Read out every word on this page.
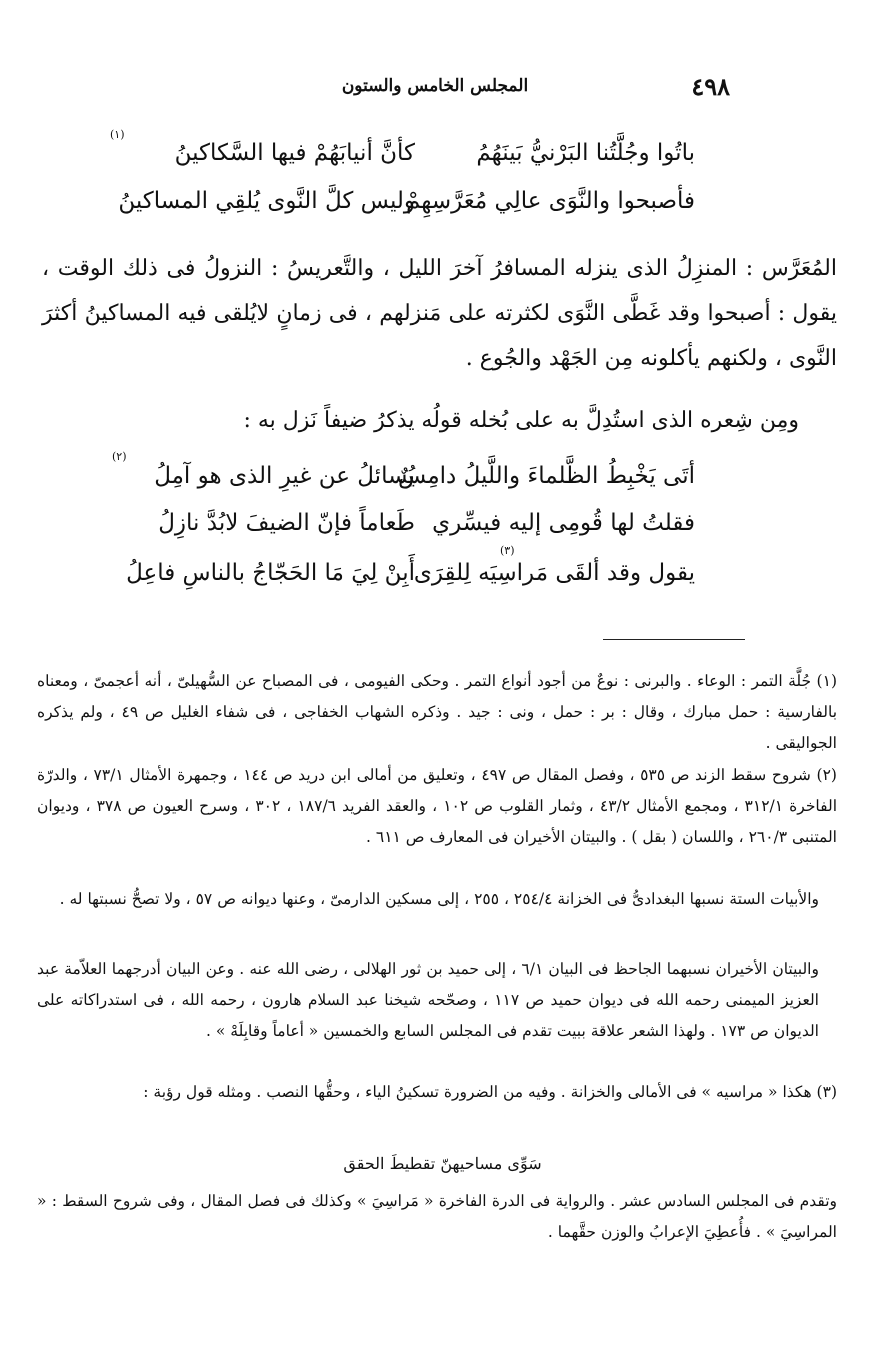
٤٩٨
المجلس الخامس والستون
باتُوا وجُلَّتُنا البَرْنيُّ بَينَهُمُ
كأنَّ أنيابَهُمْ فيها السَّكاكينُ
(١)
فأصبحوا والنَّوَى عالِي مُعَرَّسِهِمْ
وليس كلَّ النَّوى يُلقِي المساكينُ
المُعَرَّس : المنزِلُ الذى ينزله المسافرُ آخرَ الليل ، والتَّعريسُ : النزولُ فى ذلك الوقت ، يقول : أصبحوا وقد غَطَّى النَّوَى لكثرته على مَنزلهم ، فى زمانٍ لايُلقى فيه المساكينُ أكثرَ النَّوى ، ولكنهم يأكلونه مِن الجَهْد والجُوع .
ومِن شِعره الذى استُدِلَّ به على بُخله قولُه يذكرُ ضيفاً نَزل به :
أتَى يَخْبِطُ الظَّلماءَ واللَّيلُ دامِسٌ
يُسائلُ عن غيرِ الذى هو آمِلُ
(٢)
فقلتُ لها قُومِى إليه فيسِّري
طَعاماً فإنّ الضيفَ لابُدَّ نازِلُ
يقول وقد ألقَى مَراسِيَه لِلقِرَى
أَبِنْ لِيَ مَا الحَجّاجُ بالناسِ فاعِلُ
(٣)
(١) جُلَّة التمر : الوعاء . والبرنى : نوعٌ من أجود أنواع التمر . وحكى الفيومى ، فى المصباح عن السُّهيلىّ ، أنه أعجمىّ ، ومعناه بالفارسية : حمل مبارك ، وقال : بر : حمل ، ونى : جيد . وذكره الشهاب الخفاجى ، فى شفاء الغليل ص ٤٩ ، ولم يذكره الجواليقى .
(٢) شروح سقط الزند ص ٥٣٥ ، وفصل المقال ص ٤٩٧ ، وتعليق من أمالى ابن دريد ص ١٤٤ ، وجمهرة الأمثال ٧٣/١ ، والدرّة الفاخرة ٣١٢/١ ، ومجمع الأمثال ٤٣/٢ ، وثمار القلوب ص ١٠٢ ، والعقد الفريد ١٨٧/٦ ، ٣٠٢ ، وسرح العيون ص ٣٧٨ ، وديوان المتنبى ٢٦٠/٣ ، واللسان ( بقل ) . والبيتان الأخيران فى المعارف ص ٦١١ .
والأبيات الستة نسبها البغدادىُّ فى الخزانة ٢٥٤/٤ ، ٢٥٥ ، إلى مسكين الدارمىّ ، وعنها ديوانه ص ٥٧ ، ولا تصحُّ نسبتها له .
والبيتان الأخيران نسبهما الجاحظ فى البيان ٦/١ ، إلى حميد بن ثور الهلالى ، رضى الله عنه . وعن البيان أدرجهما العلاّمة عبد العزيز الميمنى رحمه الله فى ديوان حميد ص ١١٧ ، وصحّحه شيخنا عبد السلام هارون ، رحمه الله ، فى استدراكاته على الديوان ص ١٧٣ . ولهذا الشعر علاقة ببيت تقدم فى المجلس السابع والخمسين « أعاماً وقابِلَهْ » .
(٣) هكذا « مراسيه » فى الأمالى والخزانة . وفيه من الضرورة تسكينُ الياء ، وحقُّها النصب . ومثله قول رؤبة :
سَوِّى مساحيهنّ تقطيطَ الحقق
وتقدم فى المجلس السادس عشر . والرواية فى الدرة الفاخرة « مَراسِيَ » وكذلك فى فصل المقال ، وفى شروح السقط : « المراسِيَ » . فأُعطِيَ الإعرابُ والوزن حقَّهما .
